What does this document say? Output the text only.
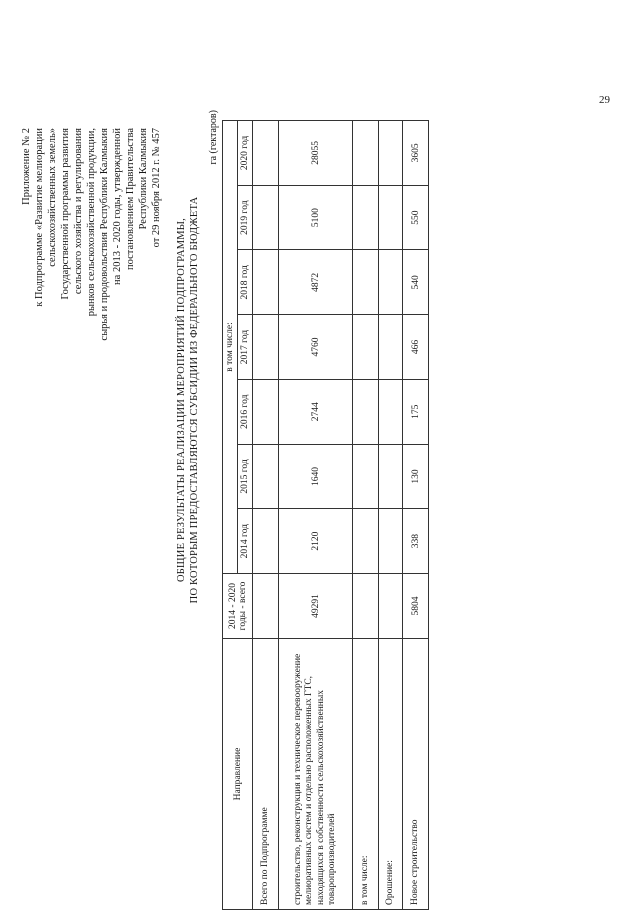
29
Приложение № 2 к Подпрограмме «Развитие мелиорации сельскохозяйственных земель» Государственной программы развития сельского хозяйства и регулирования рынков сельскохозяйственной продукции, сырья и продовольствия Республики Калмыкия на 2013 - 2020 годы, утвержденной постановлением Правительства Республики Калмыкия от 29 ноября 2012 г. № 457
ОБЩИЕ РЕЗУЛЬТАТЫ РЕАЛИЗАЦИИ МЕРОПРИЯТИЙ ПОДПРОГРАММЫ, ПО КОТОРЫМ ПРЕДОСТАВЛЯЮТСЯ СУБСИДИИ ИЗ ФЕДЕРАЛЬНОГО БЮДЖЕТА
га (гектаров)
Направление	2014 - 2020 годы - всего	в том числе:						
		2014 год	2015 год	2016 год	2017 год	2018 год	2019 год	2020 год
Всего по Подпрограмме								
строительство, реконструкция и техническое перевооружение мелиоративных систем и отдельно расположенных ГТС, находящихся в собственности сельскохозяйственных товаропроизводителей	49291	2120	1640	2744	4760	4872	5100	28055
в том числе:								
Орошение:								
Новое строительство	5804	338	130	175	466	540	550	3605
